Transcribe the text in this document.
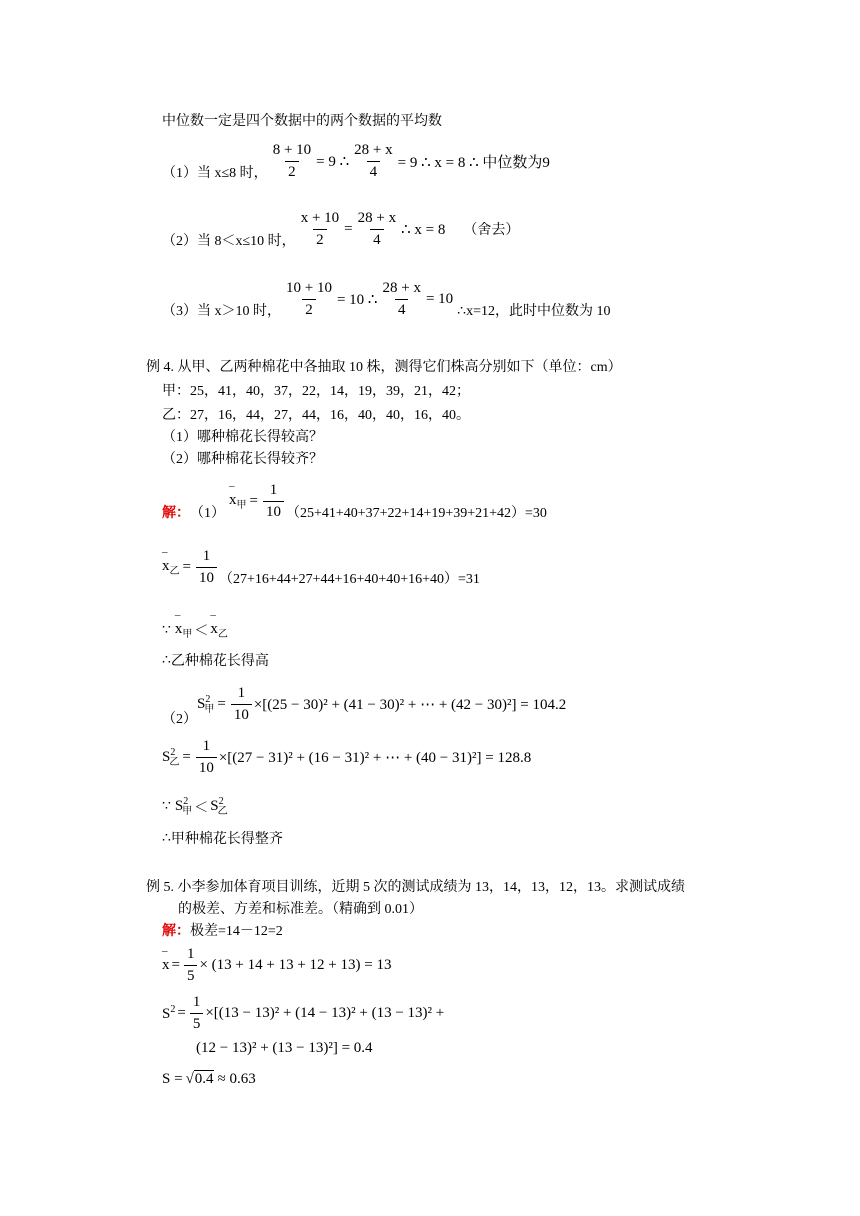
中位数一定是四个数据中的两个数据的平均数
（1）当 x≤8 时， $\frac{8 + 10}{2} = 9$ ∴ $\frac{28 + x}{4} = 9$ ∴ x = 8 ∴ 中位数为9
（2）当 8＜x≤10 时， $\frac{x + 10}{2} = \frac{28 + x}{4}$ ∴ x = 8 （舍去）
（3）当 x＞10 时， $\frac{10 + 10}{2} = 10$ ∴ $\frac{28 + x}{4} = 10$
∴x=12，此时中位数为 10
例 4. 从甲、乙两种棉花中各抽取 10 株，测得它们株高分别如下（单位：cm）
甲：25，41，40，37，22，14，19，39，21，42；
乙：27，16，44，27，44，16，40，40，16，40。
（1）哪种棉花长得较高？
（2）哪种棉花长得较齐？
解： （1）
– $x_甲 = \frac{1}{10} (25+41+40+37+22+14+19+39+21+42)=30$
– $x_乙 = \frac{1}{10} (27+16+44+27+44+16+40+40+16+40)=31$
∵ – $x_甲$ ＜ – $x_乙$
∴ 乙种棉花长得高
（2）
$S^2_甲 = \frac{1}{10} \times[(25 - 30)^2 + (41 - 30)^2$ + ⋯ + (42 − 30)²] = 104.2
$S^2_乙 = \frac{1}{10} \times[(27 - 31)^2 + (16 - 31)^2$ + ⋯ + (40 − 31)²] = 128.8
∵ $S^2_甲 < S^2_乙$
∴ 甲种棉花长得整齐
例 5. 小李参加体育项目训练，近期 5 次的测试成绩为 13，14，13，12，13。求测试成绩
的极差、方差和标准差。（精确到 0.01）
解： 极差=14－12=2
– $x = \frac{1}{5} \times (13 + 14 + 13 + 12 + 13) = 13$
$S^2 = \frac{1}{5} \times[(13 - 13)^2 + (14 - 13)^2 + (13 - 13)^2$ +
(12 − 13)² + (13 − 13)²] = 0.4
S = √ 0.4 ≈ 0.63
